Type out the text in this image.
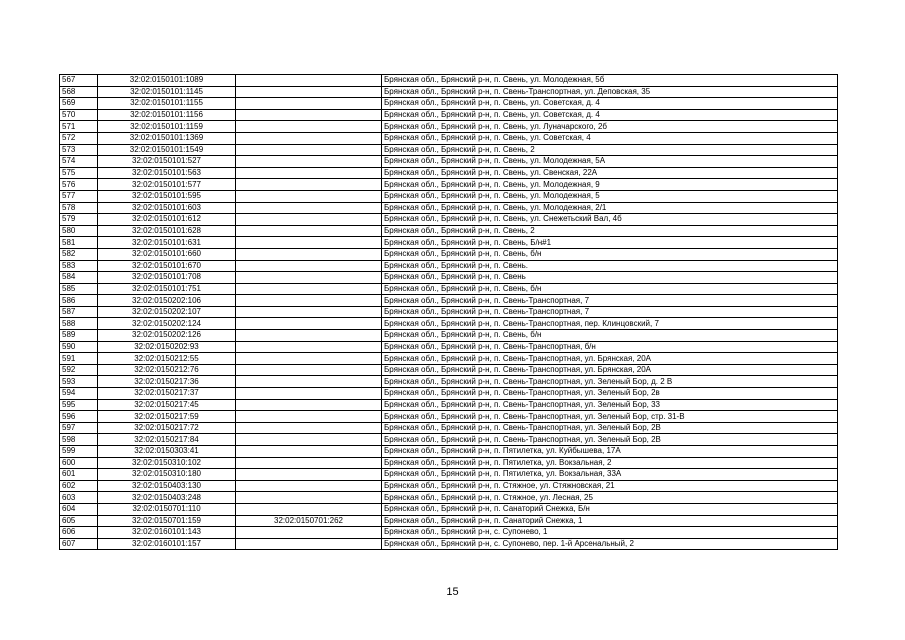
567	32:02:0150101:1089		Брянская обл., Брянский р-н, п. Свень, ул. Молодежная, 5б
568	32:02:0150101:1145		Брянская обл., Брянский р-н, п. Свень-Транспортная, ул. Деповская, 35
569	32:02:0150101:1155		Брянская обл., Брянский р-н, п. Свень, ул. Советская, д. 4
570	32:02:0150101:1156		Брянская обл., Брянский р-н, п. Свень, ул. Советская, д. 4
571	32:02:0150101:1159		Брянская обл., Брянский р-н, п. Свень, ул. Луначарского, 2б
572	32:02:0150101:1369		Брянская обл., Брянский р-н, п. Свень, ул. Советская, 4
573	32:02:0150101:1549		Брянская обл., Брянский р-н, п. Свень, 2
574	32:02:0150101:527		Брянская обл., Брянский р-н, п. Свень, ул. Молодежная, 5А
575	32:02:0150101:563		Брянская обл., Брянский р-н, п. Свень, ул. Свенская, 22А
576	32:02:0150101:577		Брянская обл., Брянский р-н, п. Свень, ул. Молодежная, 9
577	32:02:0150101:595		Брянская обл., Брянский р-н, п. Свень, ул. Молодежная, 5
578	32:02:0150101:603		Брянская обл., Брянский р-н, п. Свень, ул. Молодежная, 2/1
579	32:02:0150101:612		Брянская обл., Брянский р-н, п. Свень, ул. Снежетьский Вал, 4б
580	32:02:0150101:628		Брянская обл., Брянский р-н, п. Свень, 2
581	32:02:0150101:631		Брянская обл., Брянский р-н, п. Свень, Б/н#1
582	32:02:0150101:660		Брянская обл., Брянский р-н, п. Свень, б/н
583	32:02:0150101:670		Брянская обл., Брянский р-н, п. Свень.
584	32:02:0150101:708		Брянская обл., Брянский р-н, п. Свень
585	32:02:0150101:751		Брянская обл., Брянский р-н, п. Свень, б/н
586	32:02:0150202:106		Брянская обл., Брянский р-н, п. Свень-Транспортная, 7
587	32:02:0150202:107		Брянская обл., Брянский р-н, п. Свень-Транспортная, 7
588	32:02:0150202:124		Брянская обл., Брянский р-н, п. Свень-Транспортная, пер. Клинцовский, 7
589	32:02:0150202:126		Брянская обл., Брянский р-н, п. Свень, б/н
590	32:02:0150202:93		Брянская обл., Брянский р-н, п. Свень-Транспортная, б/н
591	32:02:0150212:55		Брянская обл., Брянский р-н, п. Свень-Транспортная, ул. Брянская, 20А
592	32:02:0150212:76		Брянская обл., Брянский р-н, п. Свень-Транспортная, ул. Брянская, 20А
593	32:02:0150217:36		Брянская обл., Брянский р-н, п. Свень-Транспортная, ул. Зеленый Бор, д. 2 В
594	32:02:0150217:37		Брянская обл., Брянский р-н, п. Свень-Транспортная, ул. Зеленый Бор, 2в
595	32:02:0150217:45		Брянская обл., Брянский р-н, п. Свень-Транспортная, ул. Зеленый Бор, 33
596	32:02:0150217:59		Брянская обл., Брянский р-н, п. Свень-Транспортная, ул. Зеленый Бор, стр. 31-В
597	32:02:0150217:72		Брянская обл., Брянский р-н, п. Свень-Транспортная, ул. Зеленый Бор, 2В
598	32:02:0150217:84		Брянская обл., Брянский р-н, п. Свень-Транспортная, ул. Зеленый Бор, 2В
599	32:02:0150303:41		Брянская обл., Брянский р-н, п. Пятилетка, ул. Куйбышева, 17А
600	32:02:0150310:102		Брянская обл., Брянский р-н, п. Пятилетка, ул. Вокзальная, 2
601	32:02:0150310:180		Брянская обл., Брянский р-н, п. Пятилетка, ул. Вокзальная, 33А
602	32:02:0150403:130		Брянская обл., Брянский р-н, п. Стяжное, ул. Стяжновская, 21
603	32:02:0150403:248		Брянская обл., Брянский р-н, п. Стяжное, ул. Лесная, 25
604	32:02:0150701:110		Брянская обл., Брянский р-н, п. Санаторий Снежка, Б/н
605	32:02:0150701:159	32:02:0150701:262	Брянская обл., Брянский р-н, п. Санаторий Снежка, 1
606	32:02:0160101:143		Брянская обл., Брянский р-н, с. Супонево, 1
607	32:02:0160101:157		Брянская обл., Брянский р-н, с. Супонево, пер. 1-й Арсенальный, 2
15
